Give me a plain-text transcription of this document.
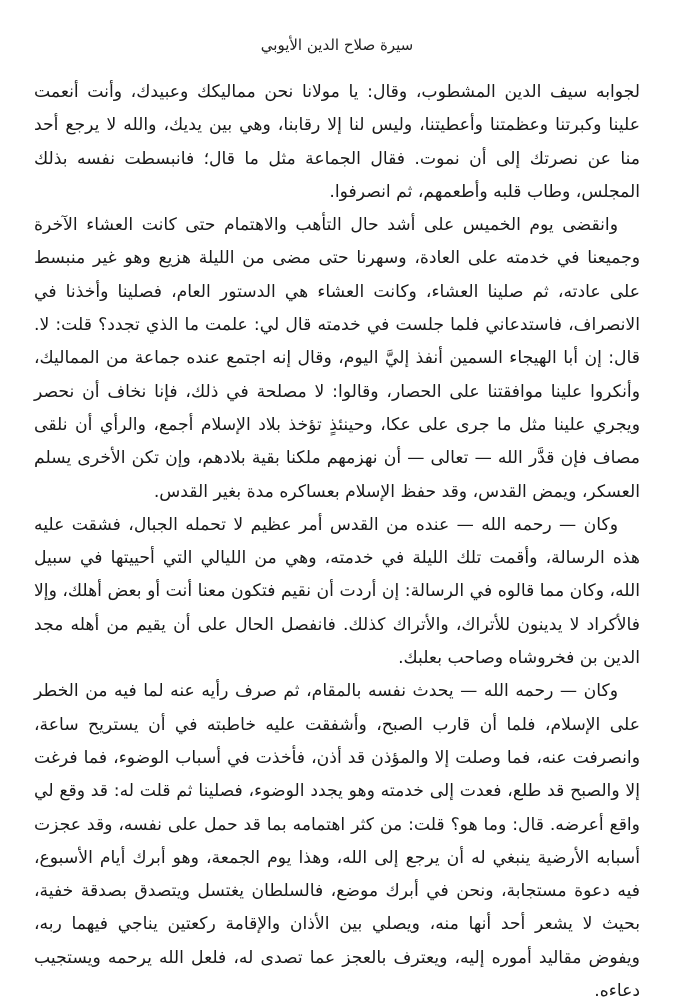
سيرة صلاح الدين الأيوبي

لجوابه سيف الدين المشطوب، وقال: يا مولانا نحن مماليكك وعبيدك، وأنت أنعمت علينا وكبرتنا وعظمتنا وأعطيتنا، وليس لنا إلا رقابنا، وهي بين يديك، والله لا يرجع أحد منا عن نصرتك إلى أن نموت. فقال الجماعة مثل ما قال؛ فانبسطت نفسه بذلك المجلس، وطاب قلبه وأطعمهم، ثم انصرفوا.

وانقضى يوم الخميس على أشد حال التأهب والاهتمام حتى كانت العشاء الآخرة وجميعنا في خدمته على العادة، وسهرنا حتى مضى من الليلة هزيع وهو غير منبسط على عادته، ثم صلينا العشاء، وكانت العشاء هي الدستور العام، فصلينا وأخذنا في الانصراف، فاستدعاني فلما جلست في خدمته قال لي: علمت ما الذي تجدد؟ قلت: لا. قال: إن أبا الهيجاء السمين أنفذ إليَّ اليوم، وقال إنه اجتمع عنده جماعة من المماليك، وأنكروا علينا موافقتنا على الحصار، وقالوا: لا مصلحة في ذلك، فإنا نخاف أن نحصر ويجري علينا مثل ما جرى على عكا، وحينئذٍ تؤخذ بلاد الإسلام أجمع، والرأي أن نلقى مصاف فإن قدَّر الله — تعالى — أن نهزمهم ملكنا بقية بلادهم، وإن تكن الأخرى يسلم العسكر، ويمض القدس، وقد حفظ الإسلام بعساكره مدة بغير القدس.

وكان — رحمه الله — عنده من القدس أمر عظيم لا تحمله الجبال، فشقت عليه هذه الرسالة، وأقمت تلك الليلة في خدمته، وهي من الليالي التي أحييتها في سبيل الله، وكان مما قالوه في الرسالة: إن أردت أن نقيم فتكون معنا أنت أو بعض أهلك، وإلا فالأكراد لا يدينون للأتراك، والأتراك كذلك. فانفصل الحال على أن يقيم من أهله مجد الدين بن فخروشاه وصاحب بعلبك.

وكان — رحمه الله — يحدث نفسه بالمقام، ثم صرف رأيه عنه لما فيه من الخطر على الإسلام، فلما أن قارب الصبح، وأشفقت عليه خاطبته في أن يستريح ساعة، وانصرفت عنه، فما وصلت إلا والمؤذن قد أذن، فأخذت في أسباب الوضوء، فما فرغت إلا والصبح قد طلع، فعدت إلى خدمته وهو يجدد الوضوء، فصلينا ثم قلت له: قد وقع لي واقع أعرضه. قال: وما هو؟ قلت: من كثر اهتمامه بما قد حمل على نفسه، وقد عجزت أسبابه الأرضية ينبغي له أن يرجع إلى الله، وهذا يوم الجمعة، وهو أبرك أيام الأسبوع، فيه دعوة مستجابة، ونحن في أبرك موضع، فالسلطان يغتسل ويتصدق بصدقة خفية، بحيث لا يشعر أحد أنها منه، ويصلي بين الأذان والإقامة ركعتين يناجي فيهما ربه، ويفوض مقاليد أموره إليه، ويعترف بالعجز عما تصدى له، فلعل الله يرحمه ويستجيب دعاءه.
